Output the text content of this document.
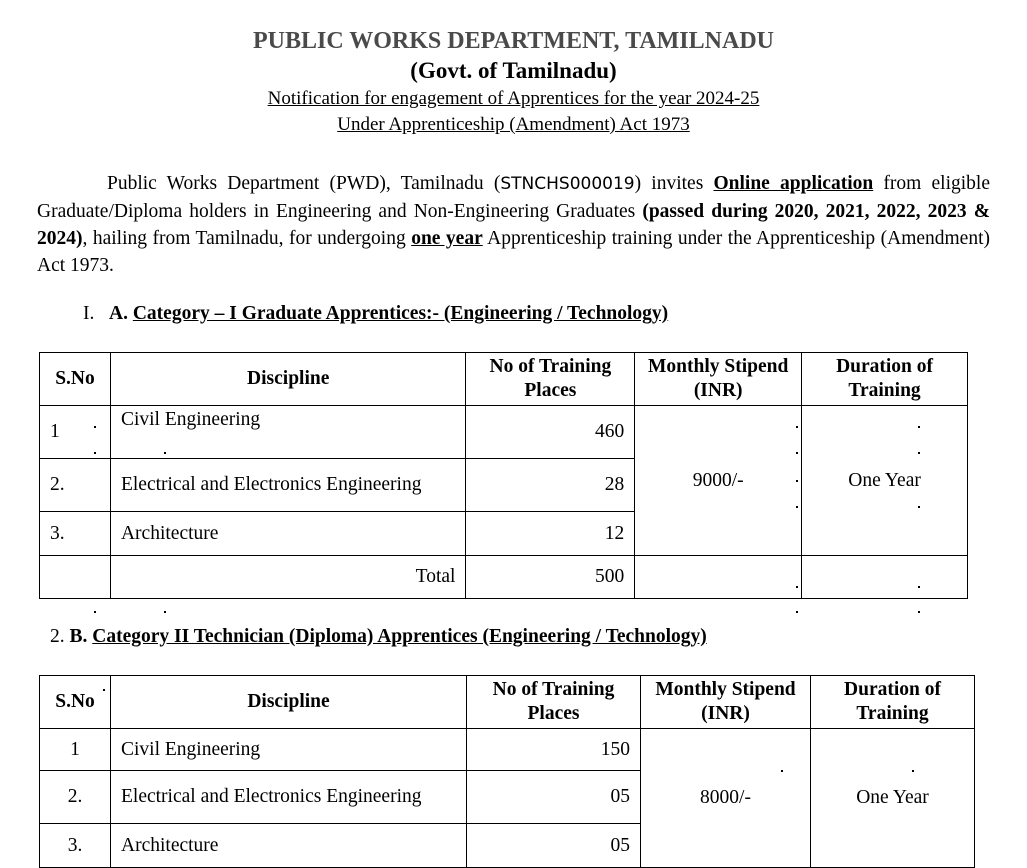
PUBLIC WORKS DEPARTMENT, TAMILNADU
(Govt. of Tamilnadu)
Notification for engagement of Apprentices for the year 2024-25
Under Apprenticeship (Amendment) Act 1973
Public Works Department (PWD), Tamilnadu (STNCHS000019) invites Online application from eligible Graduate/Diploma holders in Engineering and Non-Engineering Graduates (passed during 2020, 2021, 2022, 2023 & 2024), hailing from Tamilnadu, for undergoing one year Apprenticeship training under the Apprenticeship (Amendment) Act 1973.
I. A. Category – I Graduate Apprentices:- (Engineering / Technology)
S.No	Discipline	No of Training Places	Monthly Stipend (INR)	Duration of Training
1	Civil Engineering	460	9000/-	One Year
2.	Electrical and Electronics Engineering	28		
3.	Architecture	12		
	Total	500		
2. B. Category II Technician (Diploma) Apprentices (Engineering / Technology)
S.No	Discipline	No of Training Places	Monthly Stipend (INR)	Duration of Training
1	Civil Engineering	150	8000/-	One Year
2.	Electrical and Electronics Engineering	05		
3.	Architecture	05		
